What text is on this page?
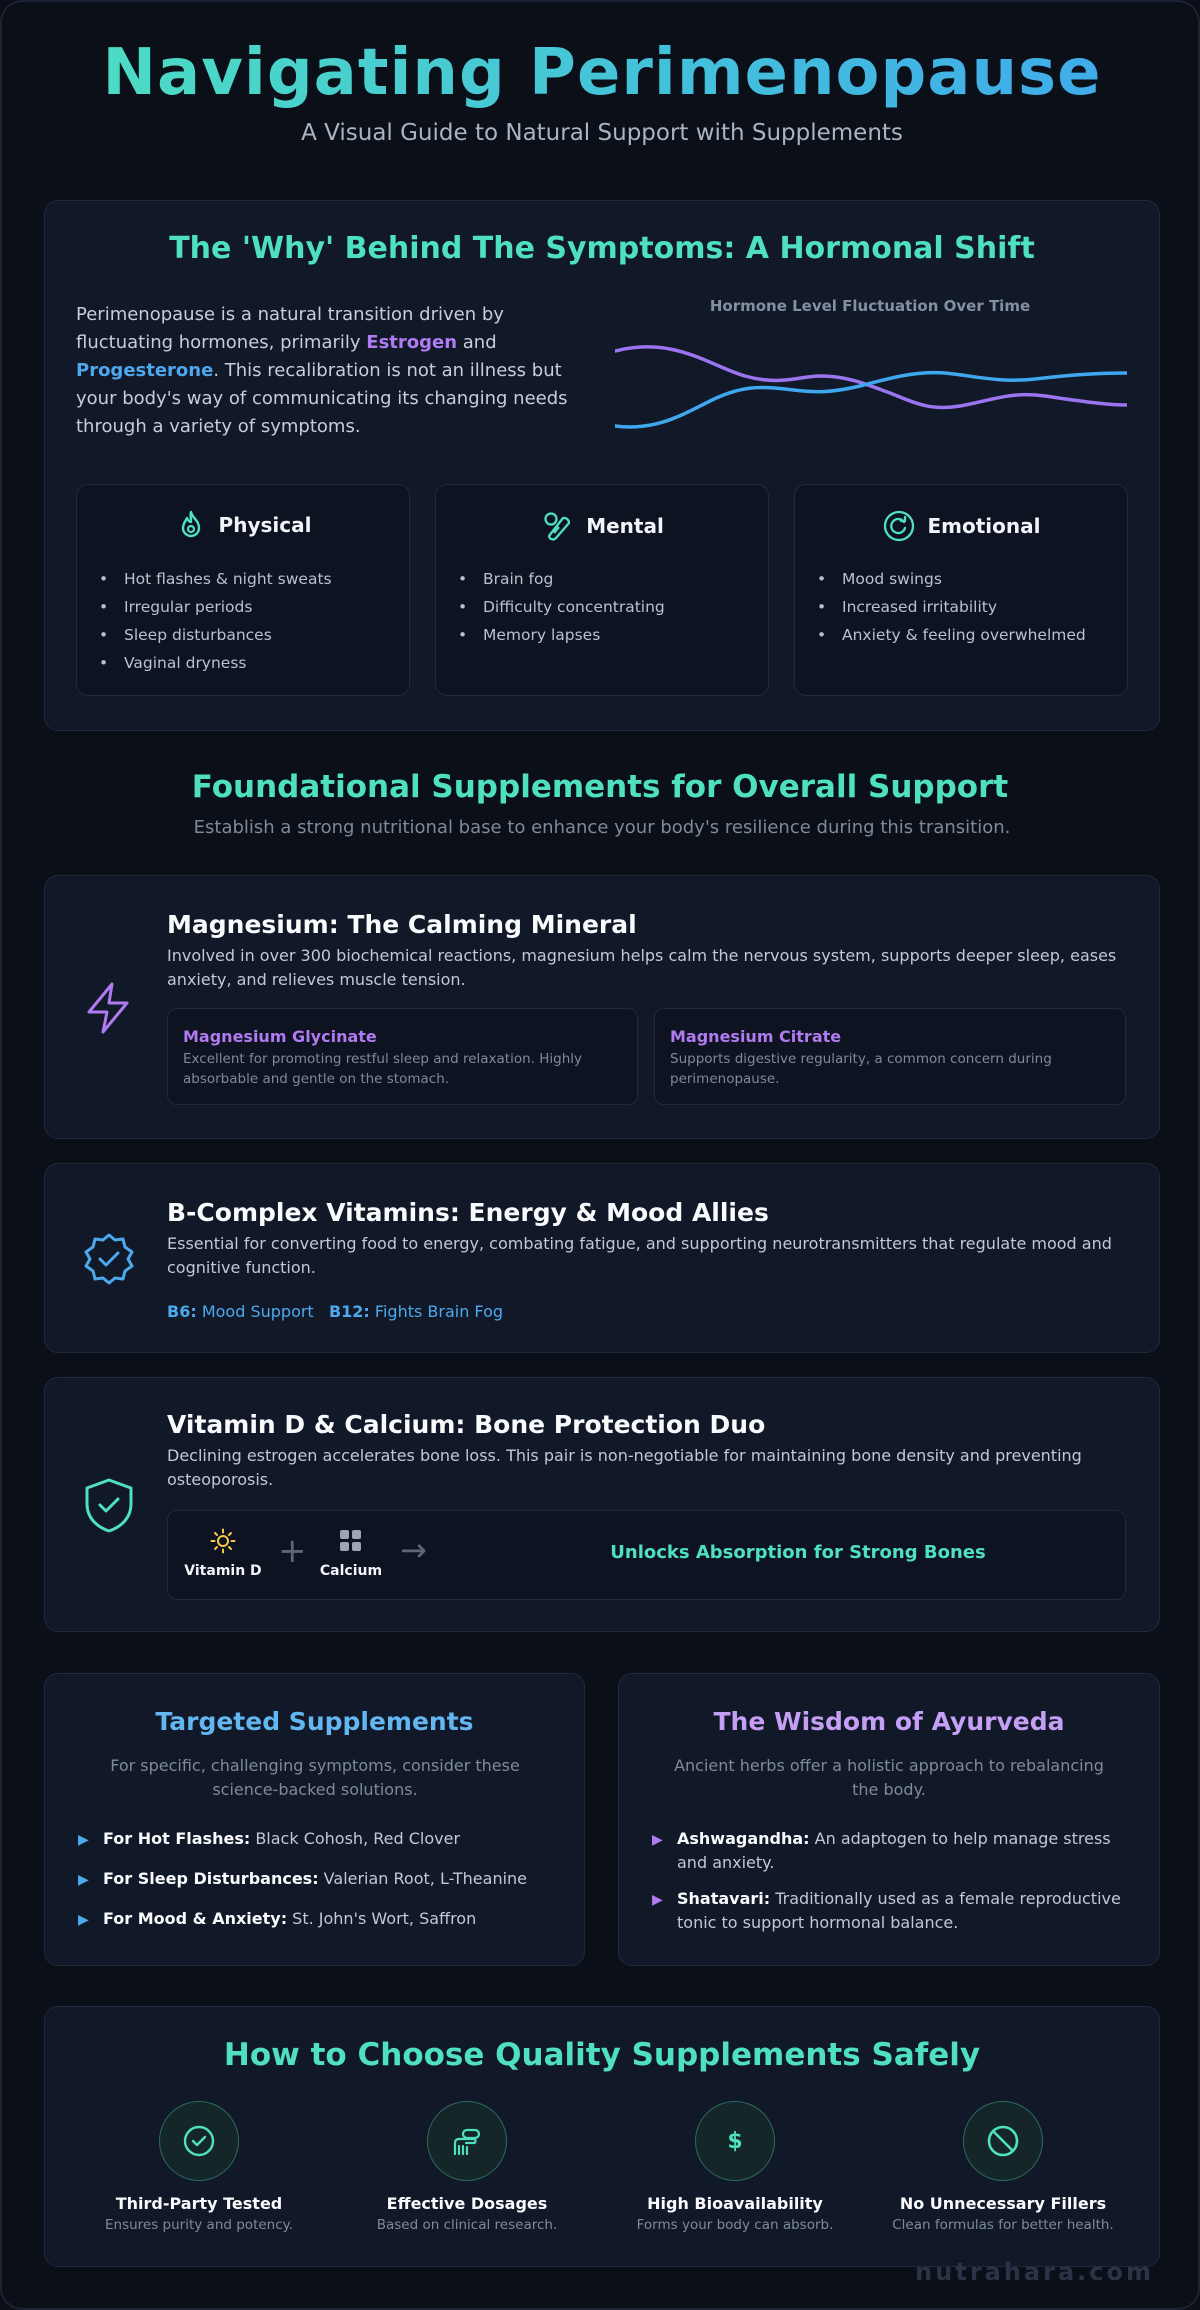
Navigating Perimenopause
A Visual Guide to Natural Support with Supplements
The 'Why' Behind The Symptoms: A Hormonal Shift
Perimenopause is a natural transition driven by fluctuating hormones, primarily Estrogen and Progesterone. This recalibration is not an illness but your body's way of communicating its changing needs through a variety of symptoms.
Hormone Level Fluctuation Over Time
Physical
• Hot flashes & night sweats
• Irregular periods
• Sleep disturbances
• Vaginal dryness
Mental
• Brain fog
• Difficulty concentrating
• Memory lapses
Emotional
• Mood swings
• Increased irritability
• Anxiety & feeling overwhelmed
Foundational Supplements for Overall Support
Establish a strong nutritional base to enhance your body's resilience during this transition.
Magnesium: The Calming Mineral
Involved in over 300 biochemical reactions, magnesium helps calm the nervous system, supports deeper sleep, eases anxiety, and relieves muscle tension.
Magnesium Glycinate
Excellent for promoting restful sleep and relaxation. Highly absorbable and gentle on the stomach.
Magnesium Citrate
Supports digestive regularity, a common concern during perimenopause.
B-Complex Vitamins: Energy & Mood Allies
Essential for converting food to energy, combating fatigue, and supporting neurotransmitters that regulate mood and cognitive function.
B6: Mood Support B12: Fights Brain Fog
Vitamin D & Calcium: Bone Protection Duo
Declining estrogen accelerates bone loss. This pair is non-negotiable for maintaining bone density and preventing osteoporosis.
Vitamin D + Calcium
→	Unlocks Absorption for Strong Bones
Targeted Supplements
For specific, challenging symptoms, consider these science-backed solutions.
▶ For Hot Flashes: Black Cohosh, Red Clover
▶ For Sleep Disturbances: Valerian Root, L-Theanine
▶ For Mood & Anxiety: St. John's Wort, Saffron
The Wisdom of Ayurveda
Ancient herbs offer a holistic approach to rebalancing the body.
▶ Ashwagandha: An adaptogen to help manage stress and anxiety.
▶ Shatavari: Traditionally used as a female reproductive tonic to support hormonal balance.
How to Choose Quality Supplements Safely
Third-Party Tested
Ensures purity and potency.
Effective Dosages
Based on clinical research.
$
High Bioavailability
Forms your body can absorb.
No Unnecessary Fillers
Clean formulas for better health.
nutrahara.com
